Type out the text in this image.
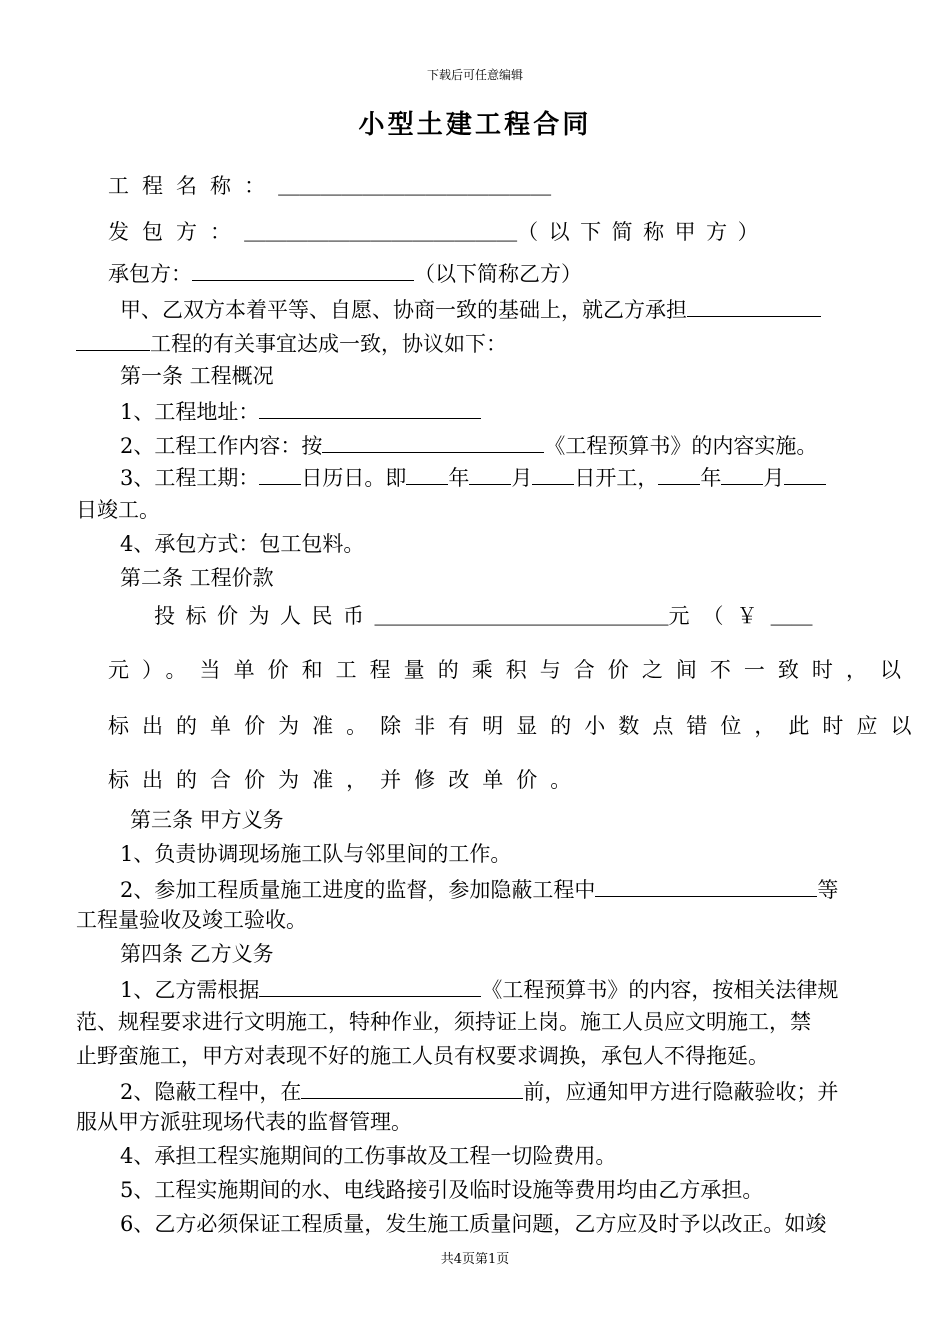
下载后可任意编辑
小型土建工程合同
工程名称：＿＿＿＿＿＿＿＿＿＿＿＿＿
发包方：＿＿＿＿＿＿＿＿＿＿＿＿＿（以下简称甲方）
承包方：	（以下简称乙方）
甲、乙双方本着平等、自愿、协商一致的基础上，就乙方承担
工程的有关事宜达成一致，协议如下：
第一条 工程概况
1、工程地址：
2、工程工作内容：按	《工程预算书》的内容实施。
3、工程工期： 日历日。即 年 月 日开工， 年 月
日竣工。
4、承包方式：包工包料。
第二条 工程价款
投标价为人民币＿＿＿＿＿＿＿＿＿＿＿＿＿＿元（￥＿＿
元）。当单价和工程量的乘积与合价之间不一致时，以
标出的单价为准。除非有明显的小数点错位，此时应以
标出的合价为准，并修改单价。
第三条 甲方义务
1、负责协调现场施工队与邻里间的工作。
2、参加工程质量施工进度的监督，参加隐蔽工程中	等
工程量验收及竣工验收。
第四条 乙方义务
1、乙方需根据	《工程预算书》的内容，按相关法律规
范、规程要求进行文明施工，特种作业，须持证上岗。施工人员应文明施工，禁
止野蛮施工，甲方对表现不好的施工人员有权要求调换，承包人不得拖延。
2、隐蔽工程中，在	前，应通知甲方进行隐蔽验收；并
服从甲方派驻现场代表的监督管理。
4、承担工程实施期间的工伤事故及工程一切险费用。
5、工程实施期间的水、电线路接引及临时设施等费用均由乙方承担。
6、乙方必须保证工程质量，发生施工质量问题，乙方应及时予以改正。如竣
共4页第1页
